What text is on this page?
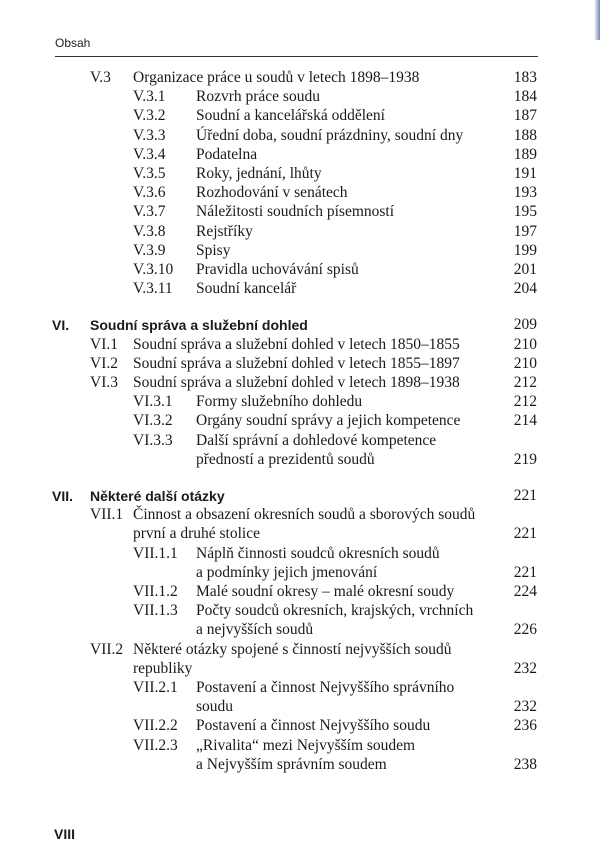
Obsah
V.3 Organizace práce u soudů v letech 1898–1938	183
V.3.1 Rozvrh práce soudu	184
V.3.2 Soudní a kancelářská oddělení	187
V.3.3 Úřední doba, soudní prázdniny, soudní dny	188
V.3.4 Podatelna	189
V.3.5 Roky, jednání, lhůty	191
V.3.6 Rozhodování v senátech	193
V.3.7 Náležitosti soudních písemností	195
V.3.8 Rejstříky	197
V.3.9 Spisy	199
V.3.10 Pravidla uchovávání spisů	201
V.3.11 Soudní kancelář	204
VI. Soudní správa a služební dohled	209
VI.1 Soudní správa a služební dohled v letech 1850–1855	210
VI.2 Soudní správa a služební dohled v letech 1855–1897	210
VI.3 Soudní správa a služební dohled v letech 1898–1938	212
VI.3.1 Formy služebního dohledu	212
VI.3.2 Orgány soudní správy a jejich kompetence	214
VI.3.3 Další správní a dohledové kompetence
předností a prezidentů soudů	219
VII. Některé další otázky	221
VII.1 Činnost a obsazení okresních soudů a sborových soudů
první a druhé stolice	221
VII.1.1 Náplň činnosti soudců okresních soudů
a podmínky jejich jmenování	221
VII.1.2 Malé soudní okresy – malé okresní soudy	224
VII.1.3 Počty soudců okresních, krajských, vrchních
a nejvyšších soudů	226
VII.2 Některé otázky spojené s činností nejvyšších soudů
republiky	232
VII.2.1 Postavení a činnost Nejvyššího správního
soudu	232
VII.2.2 Postavení a činnost Nejvyššího soudu	236
VII.2.3 „Rivalita“ mezi Nejvyšším soudem
a Nejvyšším správním soudem	238
VIII
